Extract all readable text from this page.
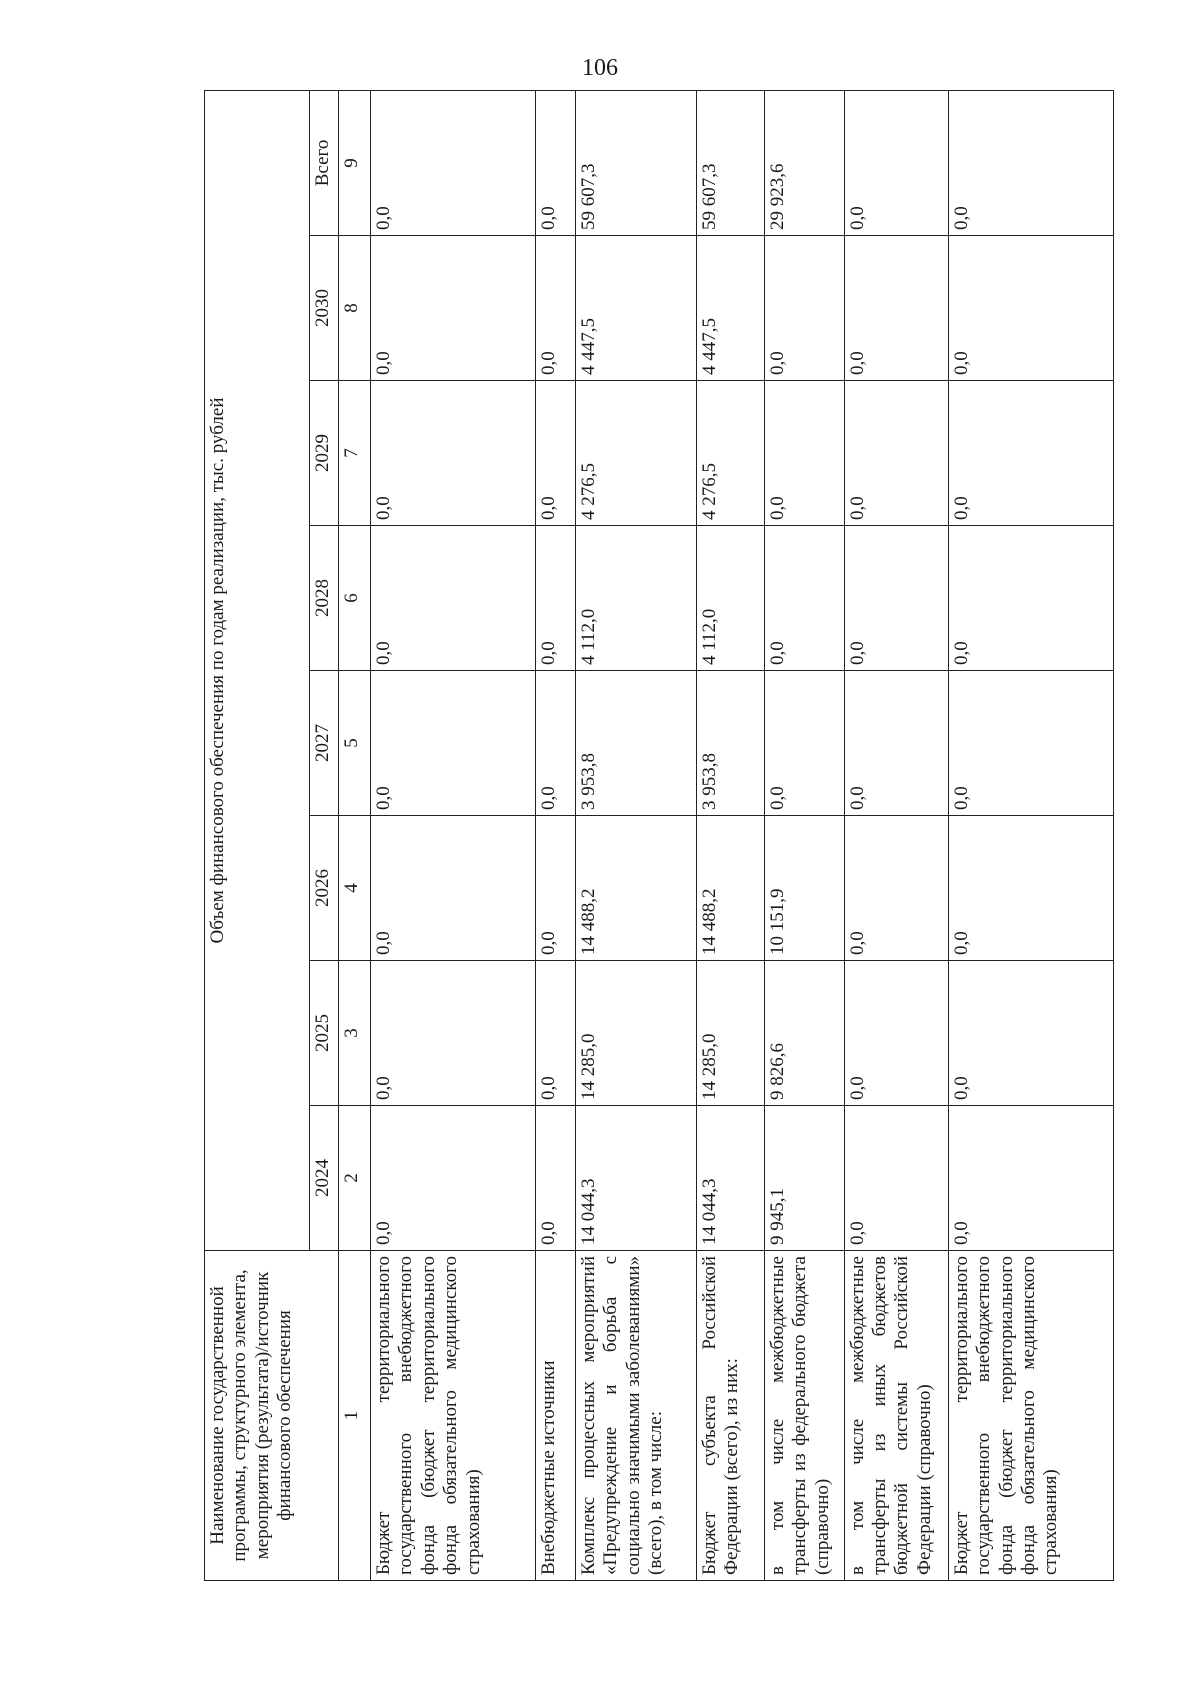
106
Наименование государственной программы, структурного элемента, мероприятия (результата)/источник финансового обеспечения	Объем финансового обеспечения по годам реализации, тыс. рублей							
	2024	2025	2026	2027	2028	2029	2030	Всего
1	2	3	4	5	6	7	8	9
Бюджет территориального государственного внебюджетного фонда (бюджет территориального фонда обязательного медицинского страхования)	0,0	0,0	0,0	0,0	0,0	0,0	0,0	0,0
Внебюджетные источники	0,0	0,0	0,0	0,0	0,0	0,0	0,0	0,0
Комплекс процессных мероприятий «Предупреждение и борьба с социально значимыми заболеваниями» (всего), в том числе:	14 044,3	14 285,0	14 488,2	3 953,8	4 112,0	4 276,5	4 447,5	59 607,3
Бюджет субъекта Российской Федерации (всего), из них:	14 044,3	14 285,0	14 488,2	3 953,8	4 112,0	4 276,5	4 447,5	59 607,3
в том числе межбюджетные трансферты из федерального бюджета (справочно)	9 945,1	9 826,6	10 151,9	0,0	0,0	0,0	0,0	29 923,6
в том числе межбюджетные трансферты из иных бюджетов бюджетной системы Российской Федерации (справочно)	0,0	0,0	0,0	0,0	0,0	0,0	0,0	0,0
Бюджет территориального государственного внебюджетного фонда (бюджет территориального фонда обязательного медицинского страхования)	0,0	0,0	0,0	0,0	0,0	0,0	0,0	0,0
